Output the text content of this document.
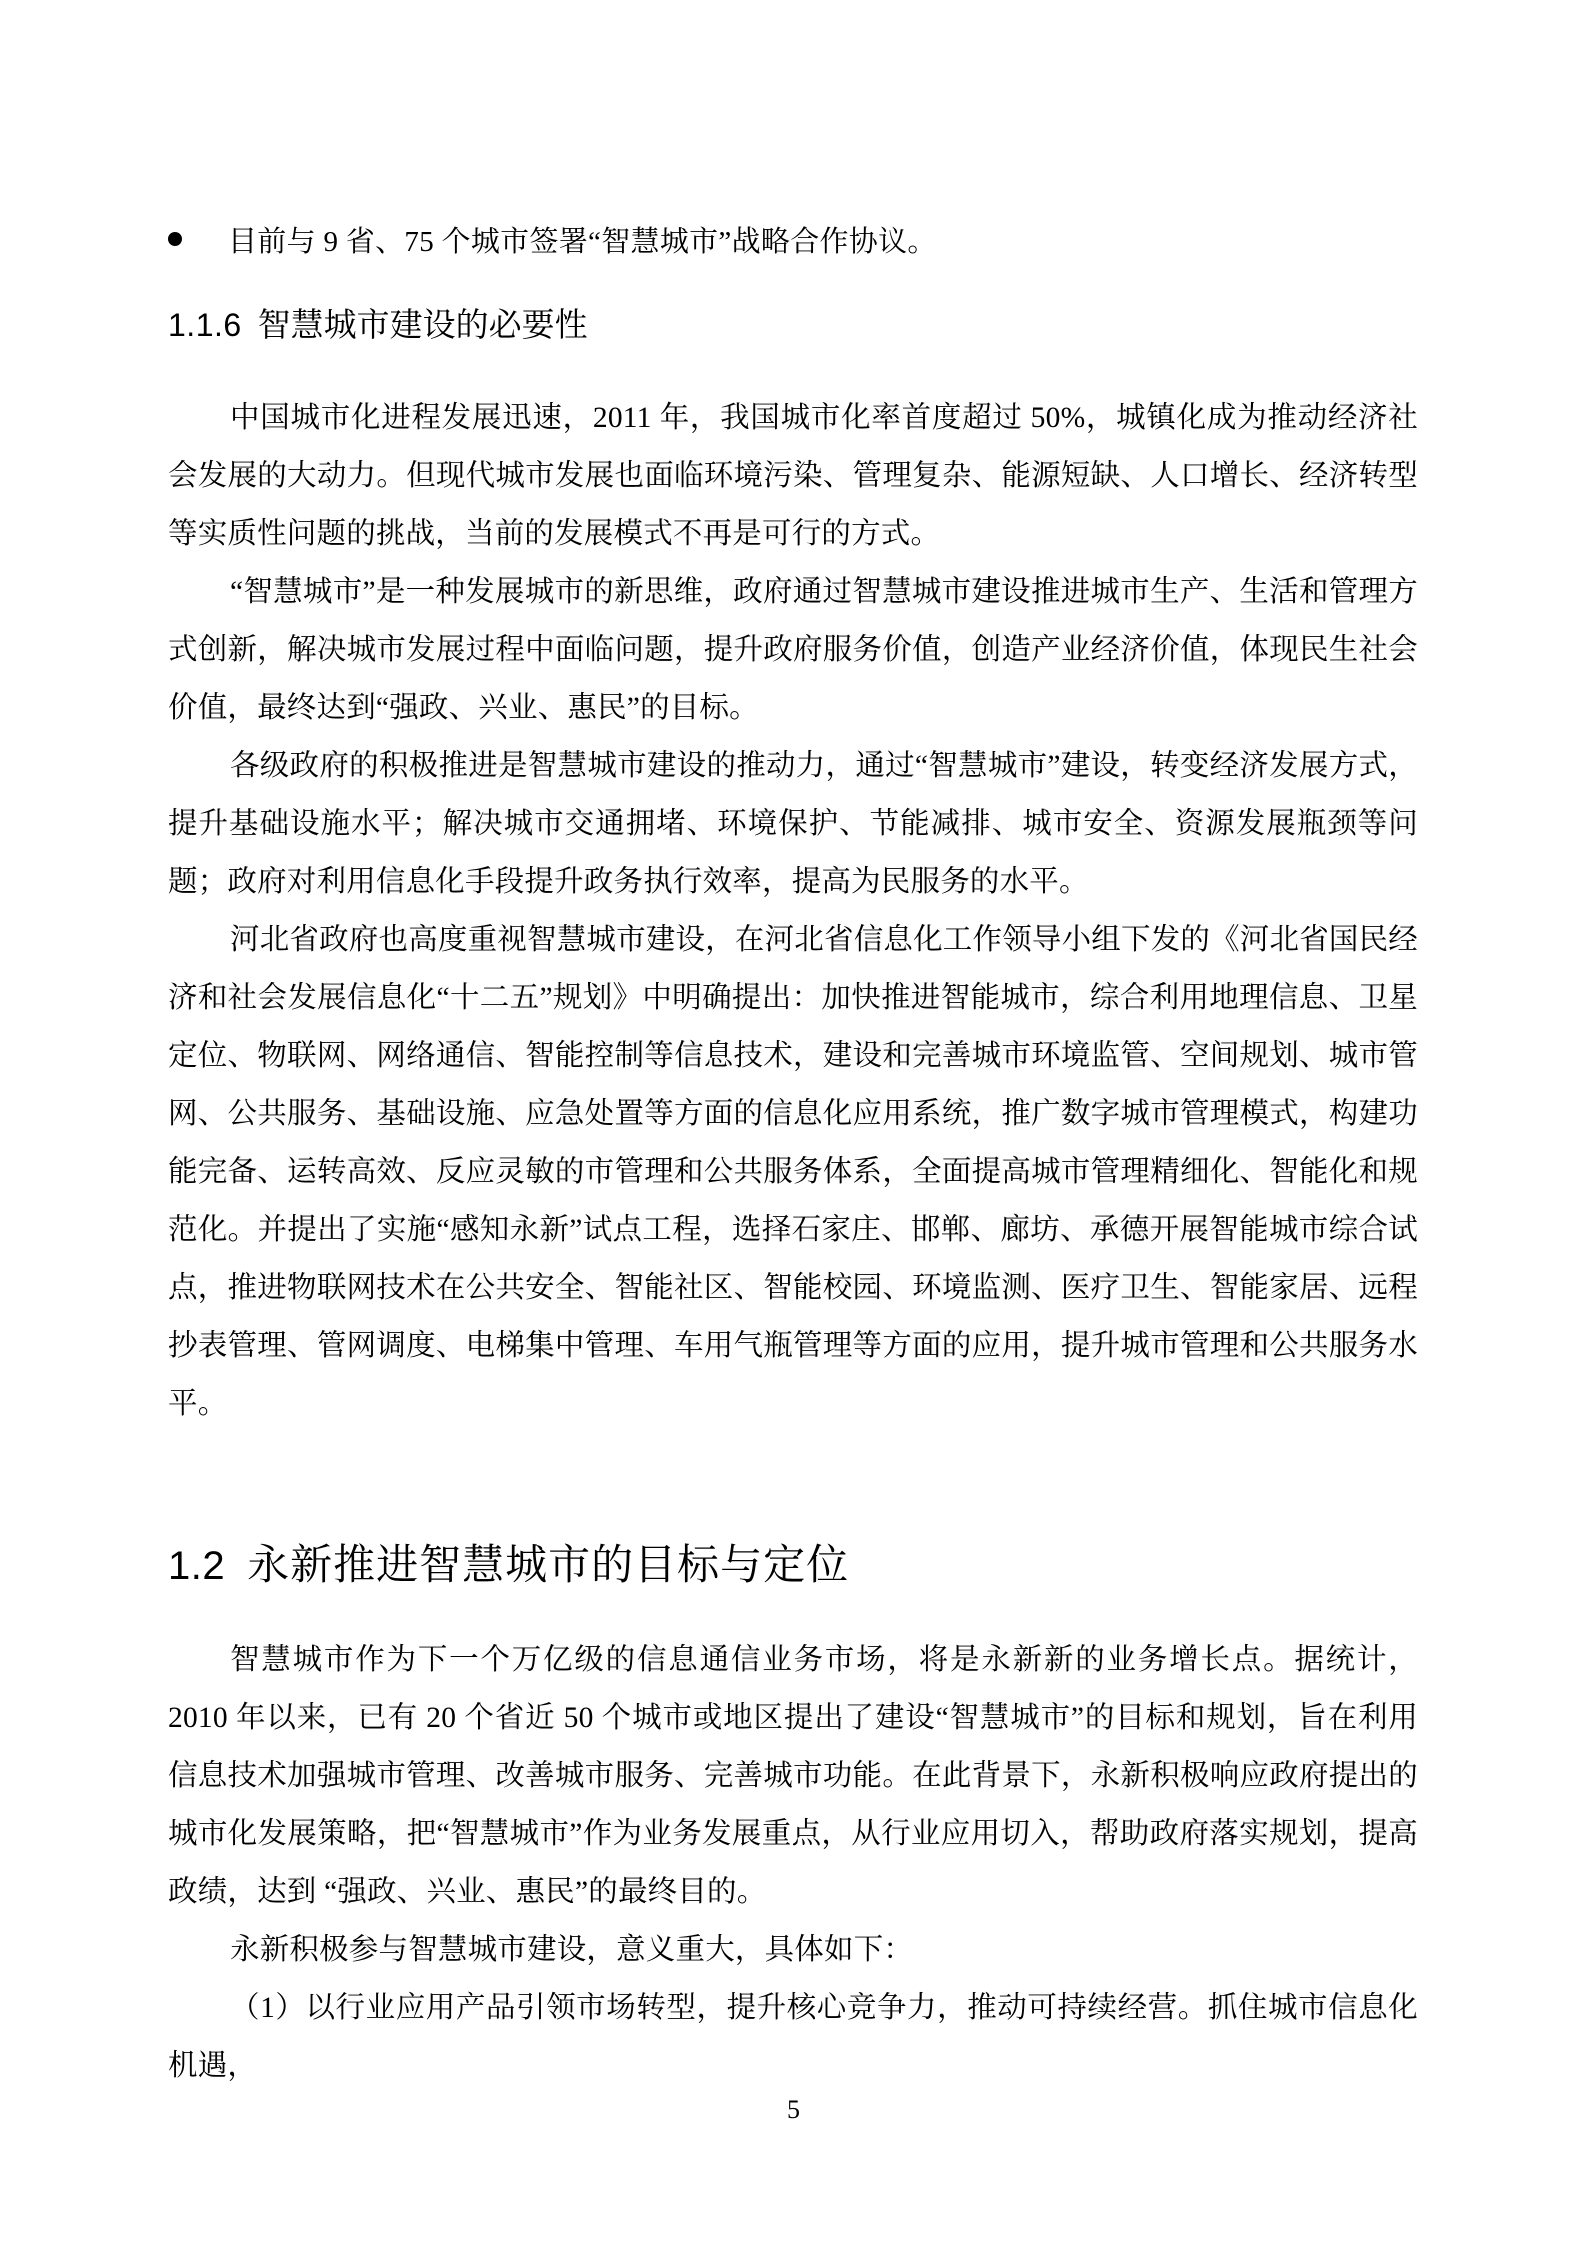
目前与 9 省、75 个城市签署“智慧城市”战略合作协议。
1.1.6 智慧城市建设的必要性

中国城市化进程发展迅速，2011 年，我国城市化率首度超过 50%，城镇化成为推动经济社会发展的大动力。但现代城市发展也面临环境污染、管理复杂、能源短缺、人口增长、经济转型等实质性问题的挑战，当前的发展模式不再是可行的方式。

“智慧城市”是一种发展城市的新思维，政府通过智慧城市建设推进城市生产、生活和管理方式创新，解决城市发展过程中面临问题，提升政府服务价值，创造产业经济价值，体现民生社会价值，最终达到“强政、兴业、惠民”的目标。

各级政府的积极推进是智慧城市建设的推动力，通过“智慧城市”建设，转变经济发展方式，提升基础设施水平；解决城市交通拥堵、环境保护、节能减排、城市安全、资源发展瓶颈等问题；政府对利用信息化手段提升政务执行效率，提高为民服务的水平。

河北省政府也高度重视智慧城市建设，在河北省信息化工作领导小组下发的《河北省国民经济和社会发展信息化“十二五”规划》中明确提出：加快推进智能城市，综合利用地理信息、卫星定位、物联网、网络通信、智能控制等信息技术，建设和完善城市环境监管、空间规划、城市管网、公共服务、基础设施、应急处置等方面的信息化应用系统，推广数字城市管理模式，构建功能完备、运转高效、反应灵敏的市管理和公共服务体系，全面提高城市管理精细化、智能化和规范化。并提出了实施“感知永新”试点工程，选择石家庄、邯郸、廊坊、承德开展智能城市综合试点，推进物联网技术在公共安全、智能社区、智能校园、环境监测、医疗卫生、智能家居、远程抄表管理、管网调度、电梯集中管理、车用气瓶管理等方面的应用，提升城市管理和公共服务水平。

1.2 永新推进智慧城市的目标与定位

智慧城市作为下一个万亿级的信息通信业务市场，将是永新新的业务增长点。据统计，2010 年以来，已有 20 个省近 50 个城市或地区提出了建设“智慧城市”的目标和规划，旨在利用信息技术加强城市管理、改善城市服务、完善城市功能。在此背景下，永新积极响应政府提出的城市化发展策略，把“智慧城市”作为业务发展重点，从行业应用切入，帮助政府落实规划，提高政绩，达到 “强政、兴业、惠民”的最终目的。

永新积极参与智慧城市建设，意义重大，具体如下：

（1）以行业应用产品引领市场转型，提升核心竞争力，推动可持续经营。抓住城市信息化机遇，

5
